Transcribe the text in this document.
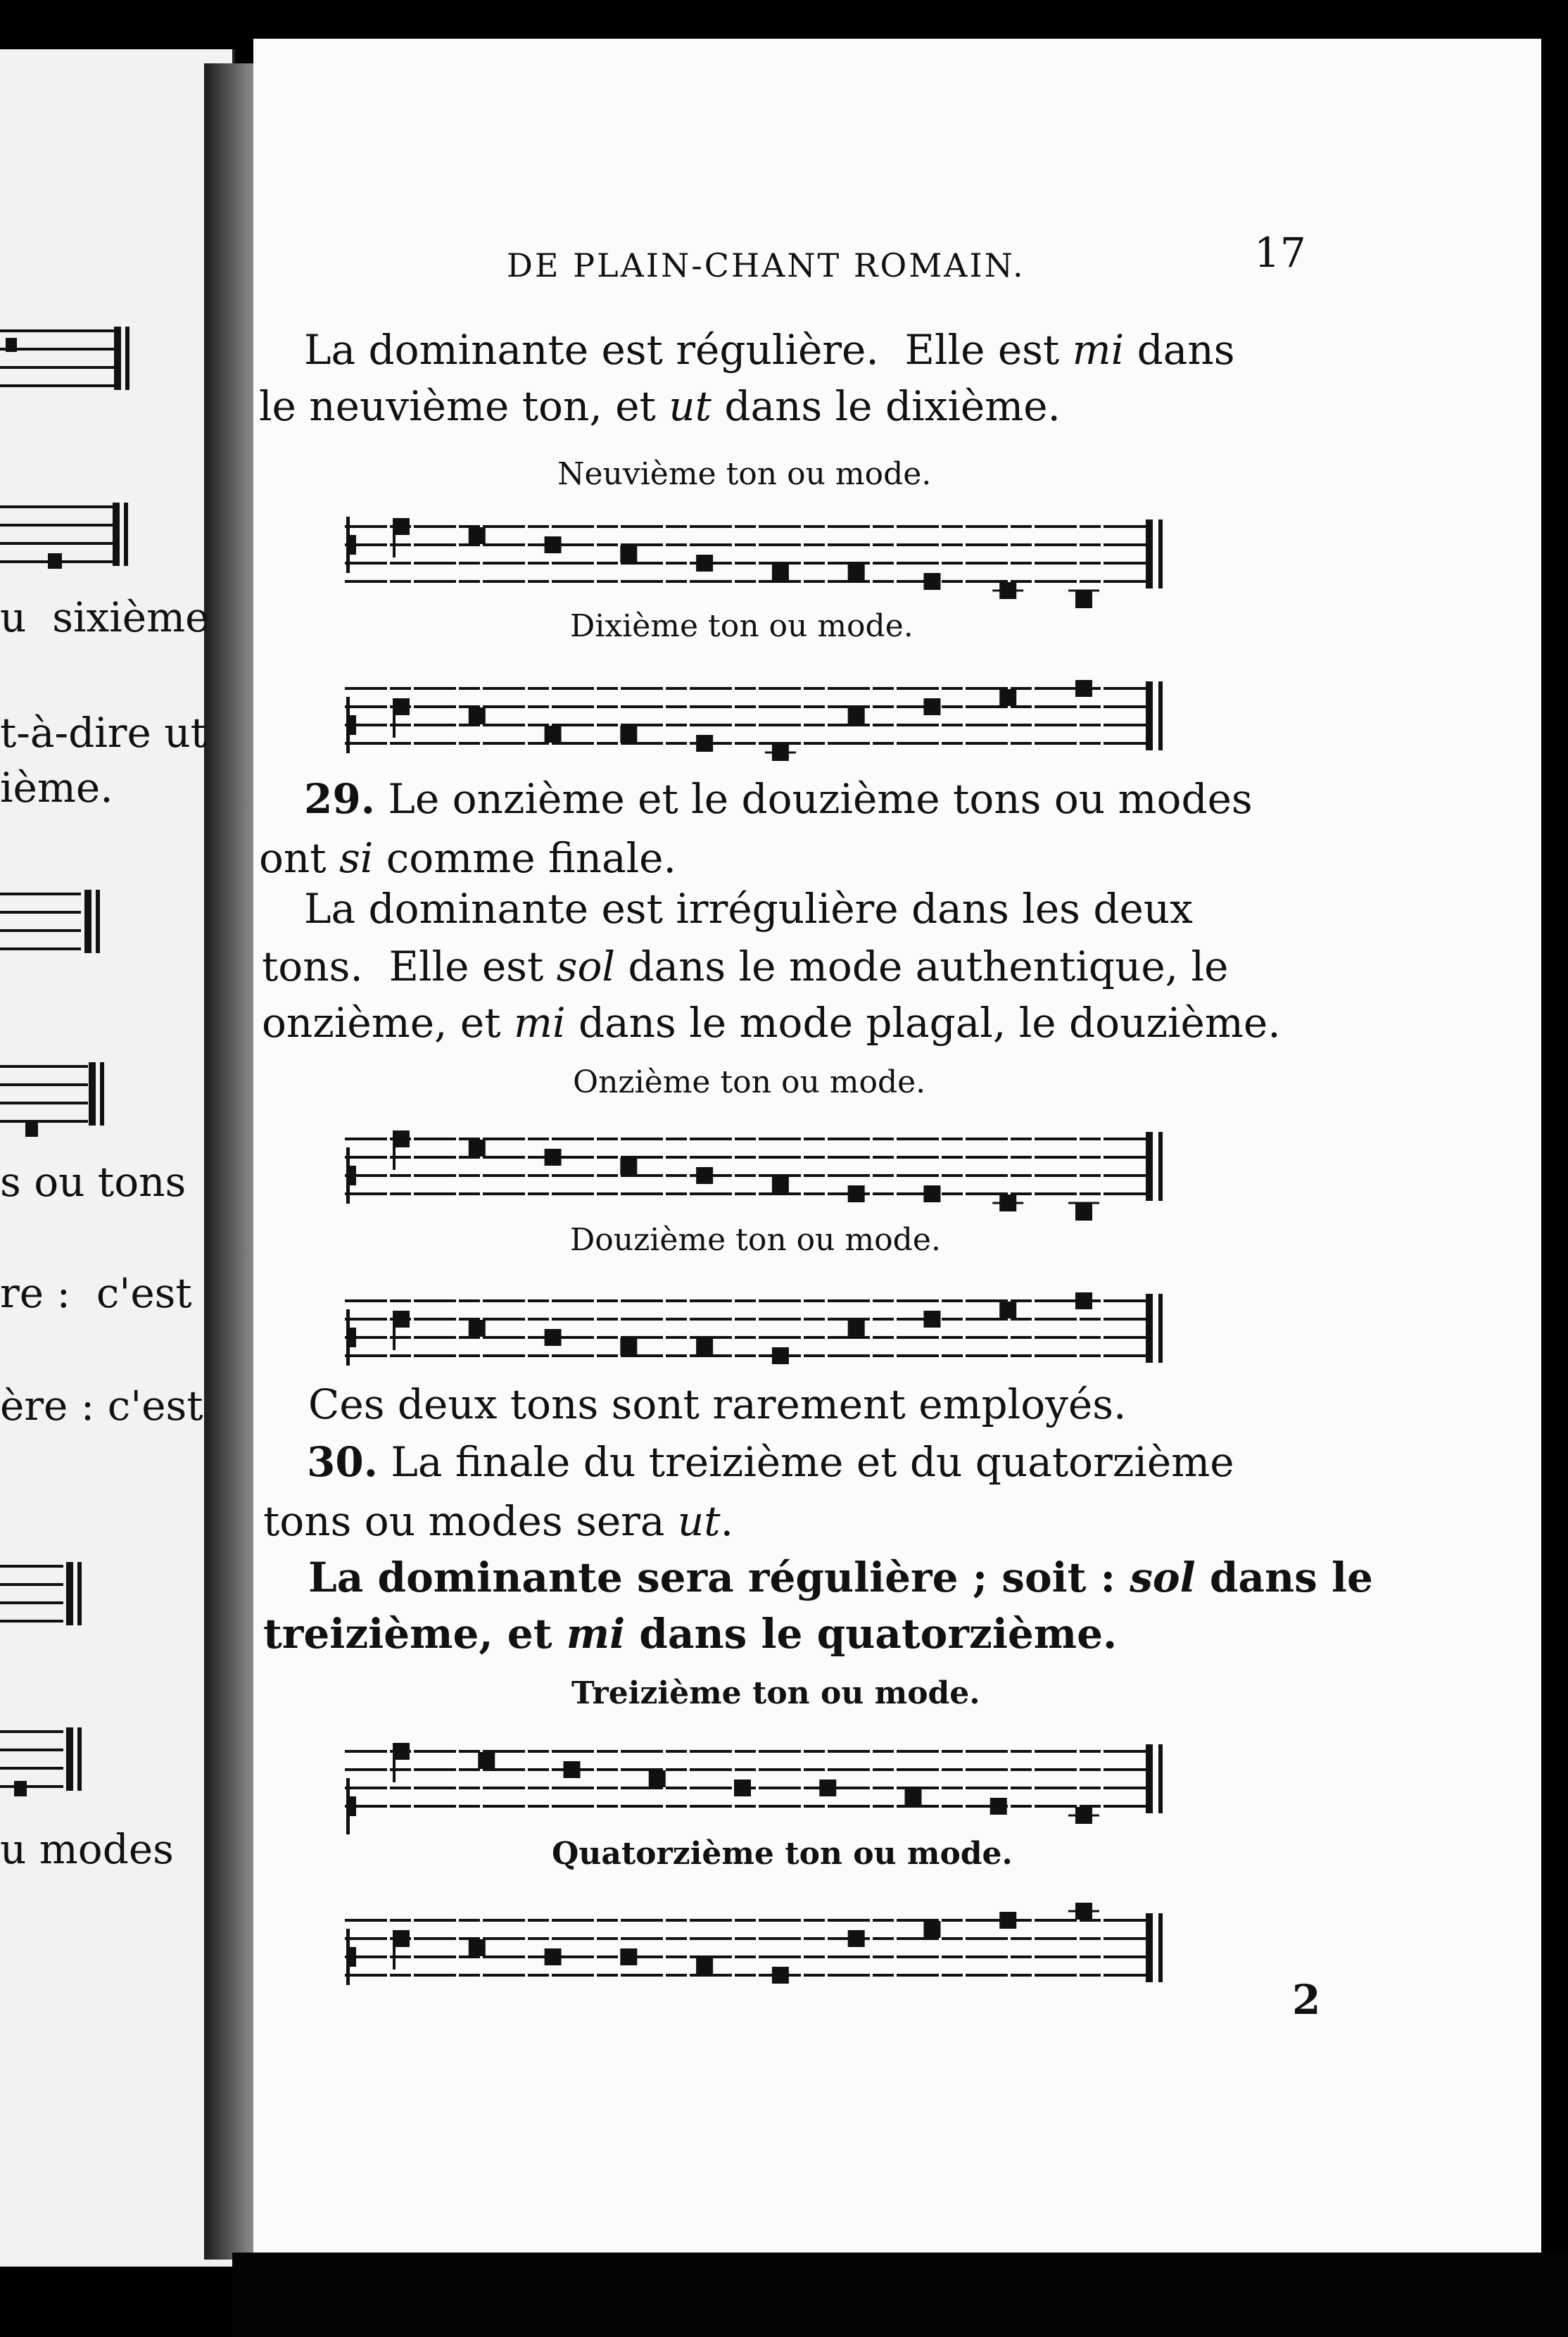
u  sixième
t-à-dire ut
ième.
s ou tons
re :  c'est
ère : c'est
u modes
DE PLAIN-CHANT ROMAIN.	17
La dominante est régulière.  Elle est mi dans
le neuvième ton, et ut dans le dixième.
Neuvième ton ou mode.
Dixième ton ou mode.
29. Le onzième et le douzième tons ou modes
ont si comme finale.
La dominante est irrégulière dans les deux
tons.  Elle est sol dans le mode authentique, le
onzième, et mi dans le mode plagal, le douzième.
Onzième ton ou mode.
Douzième ton ou mode.
Ces deux tons sont rarement employés.
30. La finale du treizième et du quatorzième
tons ou modes sera ut.
La dominante sera régulière ; soit : sol dans le
treizième, et mi dans le quatorzième.
Treizième ton ou mode.
Quatorzième ton ou mode.
2
